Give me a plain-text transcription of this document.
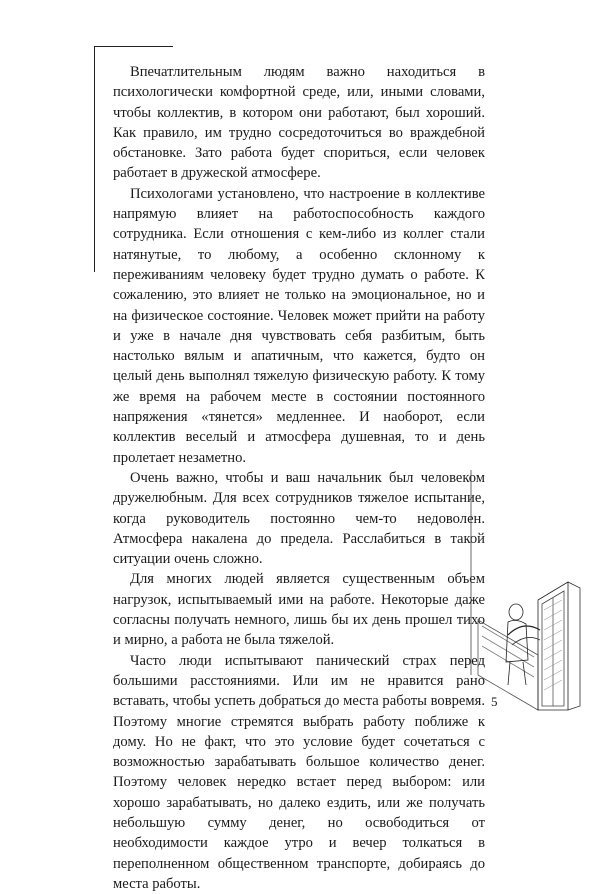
Впечатлительным людям важно находиться в психологически комфортной среде, или, иными словами, чтобы коллектив, в котором они работают, был хороший. Как правило, им трудно сосредоточиться во враждебной обстановке. Зато работа будет спориться, если человек работает в дружеской атмосфере.

Психологами установлено, что настроение в коллективе напрямую влияет на работоспособность каждого сотрудника. Если отношения с кем-либо из коллег стали натянутые, то любому, а особенно склонному к переживаниям человеку будет трудно думать о работе. К сожалению, это влияет не только на эмоциональное, но и на физическое состояние. Человек может прийти на работу и уже в начале дня чувствовать себя разбитым, быть настолько вялым и апатичным, что кажется, будто он целый день выполнял тяжелую физическую работу. К тому же время на рабочем месте в состоянии постоянного напряжения «тянется» медленнее. И наоборот, если коллектив веселый и атмосфера душевная, то и день пролетает незаметно.

Очень важно, чтобы и ваш начальник был человеком дружелюбным. Для всех сотрудников тяжелое испытание, когда руководитель постоянно чем-то недоволен. Атмосфера накалена до предела. Расслабиться в такой ситуации очень сложно.

Для многих людей является существенным объем нагрузок, испытываемый ими на работе. Некоторые даже согласны получать немного, лишь бы их день прошел тихо и мирно, а работа не была тяжелой.

Часто люди испытывают панический страх перед большими расстояниями. Или им не нравится рано вставать, чтобы успеть добраться до места работы вовремя. Поэтому многие стремятся выбрать работу поближе к дому. Но не факт, что это условие будет сочетаться с возможностью зарабатывать большое количество денег. Поэтому человек нередко встает перед выбором: или хорошо зарабатывать, но далеко ездить, или же получать небольшую сумму денег, но освободиться от необходимости каждое утро и вечер толкаться в переполненном общественном транспорте, добираясь до места работы.

5
